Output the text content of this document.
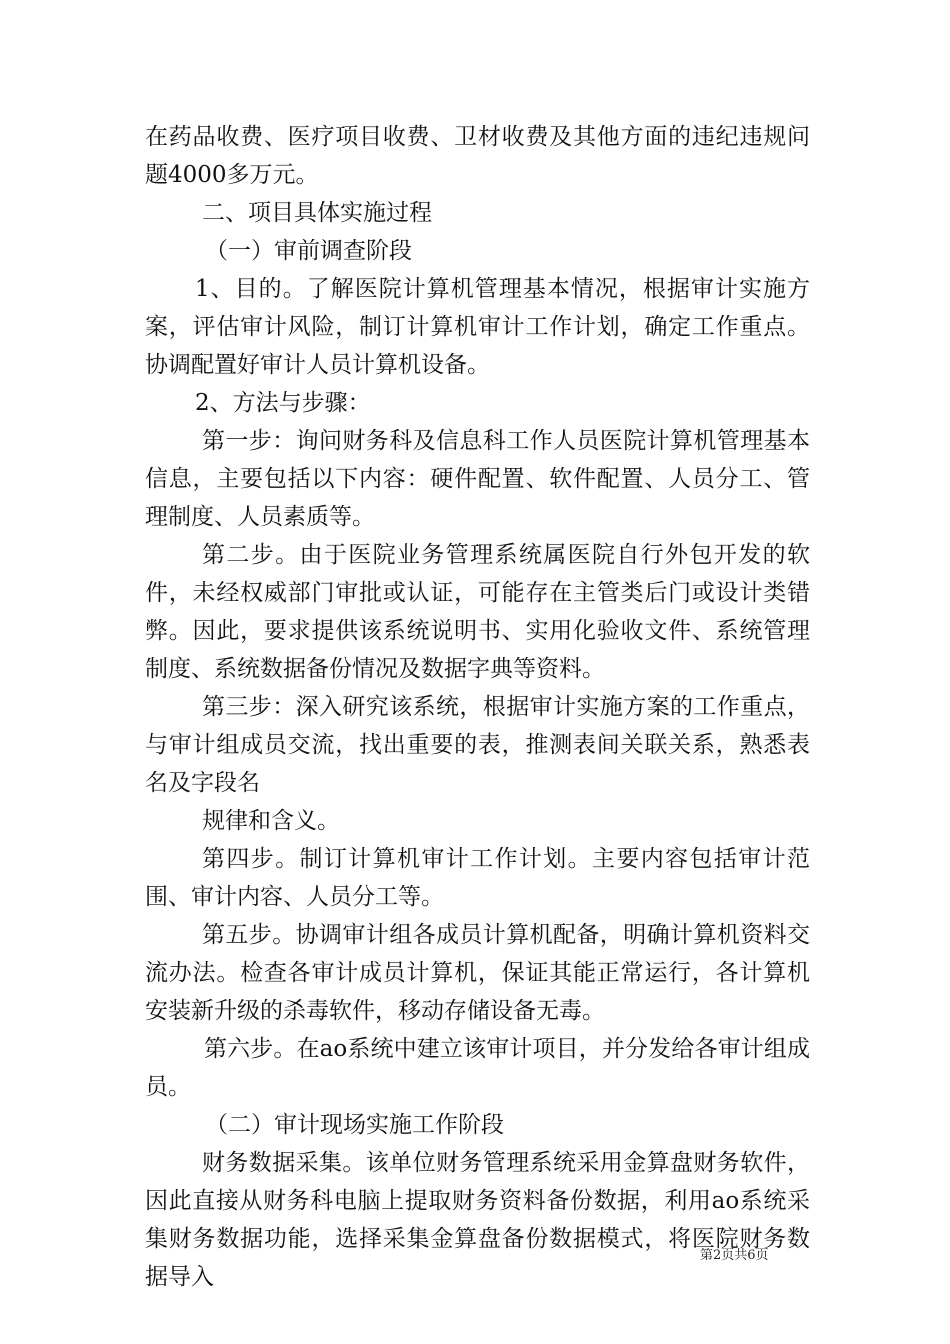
在药品收费、医疗项目收费、卫材收费及其他方面的违纪违规问题4000多万元。

二、项目具体实施过程

（一）审前调查阶段

1、目的。了解医院计算机管理基本情况，根据审计实施方案，评估审计风险，制订计算机审计工作计划，确定工作重点。协调配置好审计人员计算机设备。

2、方法与步骤：

第一步：询问财务科及信息科工作人员医院计算机管理基本信息，主要包括以下内容：硬件配置、软件配置、人员分工、管理制度、人员素质等。

第二步。由于医院业务管理系统属医院自行外包开发的软件，未经权威部门审批或认证，可能存在主管类后门或设计类错弊。因此，要求提供该系统说明书、实用化验收文件、系统管理制度、系统数据备份情况及数据字典等资料。

第三步：深入研究该系统，根据审计实施方案的工作重点，与审计组成员交流，找出重要的表，推测表间关联关系，熟悉表名及字段名

规律和含义。

第四步。制订计算机审计工作计划。主要内容包括审计范围、审计内容、人员分工等。

第五步。协调审计组各成员计算机配备，明确计算机资料交流办法。检查各审计成员计算机，保证其能正常运行，各计算机安装新升级的杀毒软件，移动存储设备无毒。

第六步。在ao系统中建立该审计项目，并分发给各审计组成员。

（二）审计现场实施工作阶段

财务数据采集。该单位财务管理系统采用金算盘财务软件，因此直接从财务科电脑上提取财务资料备份数据，利用ao系统采集财务数据功能，选择采集金算盘备份数据模式，将医院财务数据导入

第2页共6页
